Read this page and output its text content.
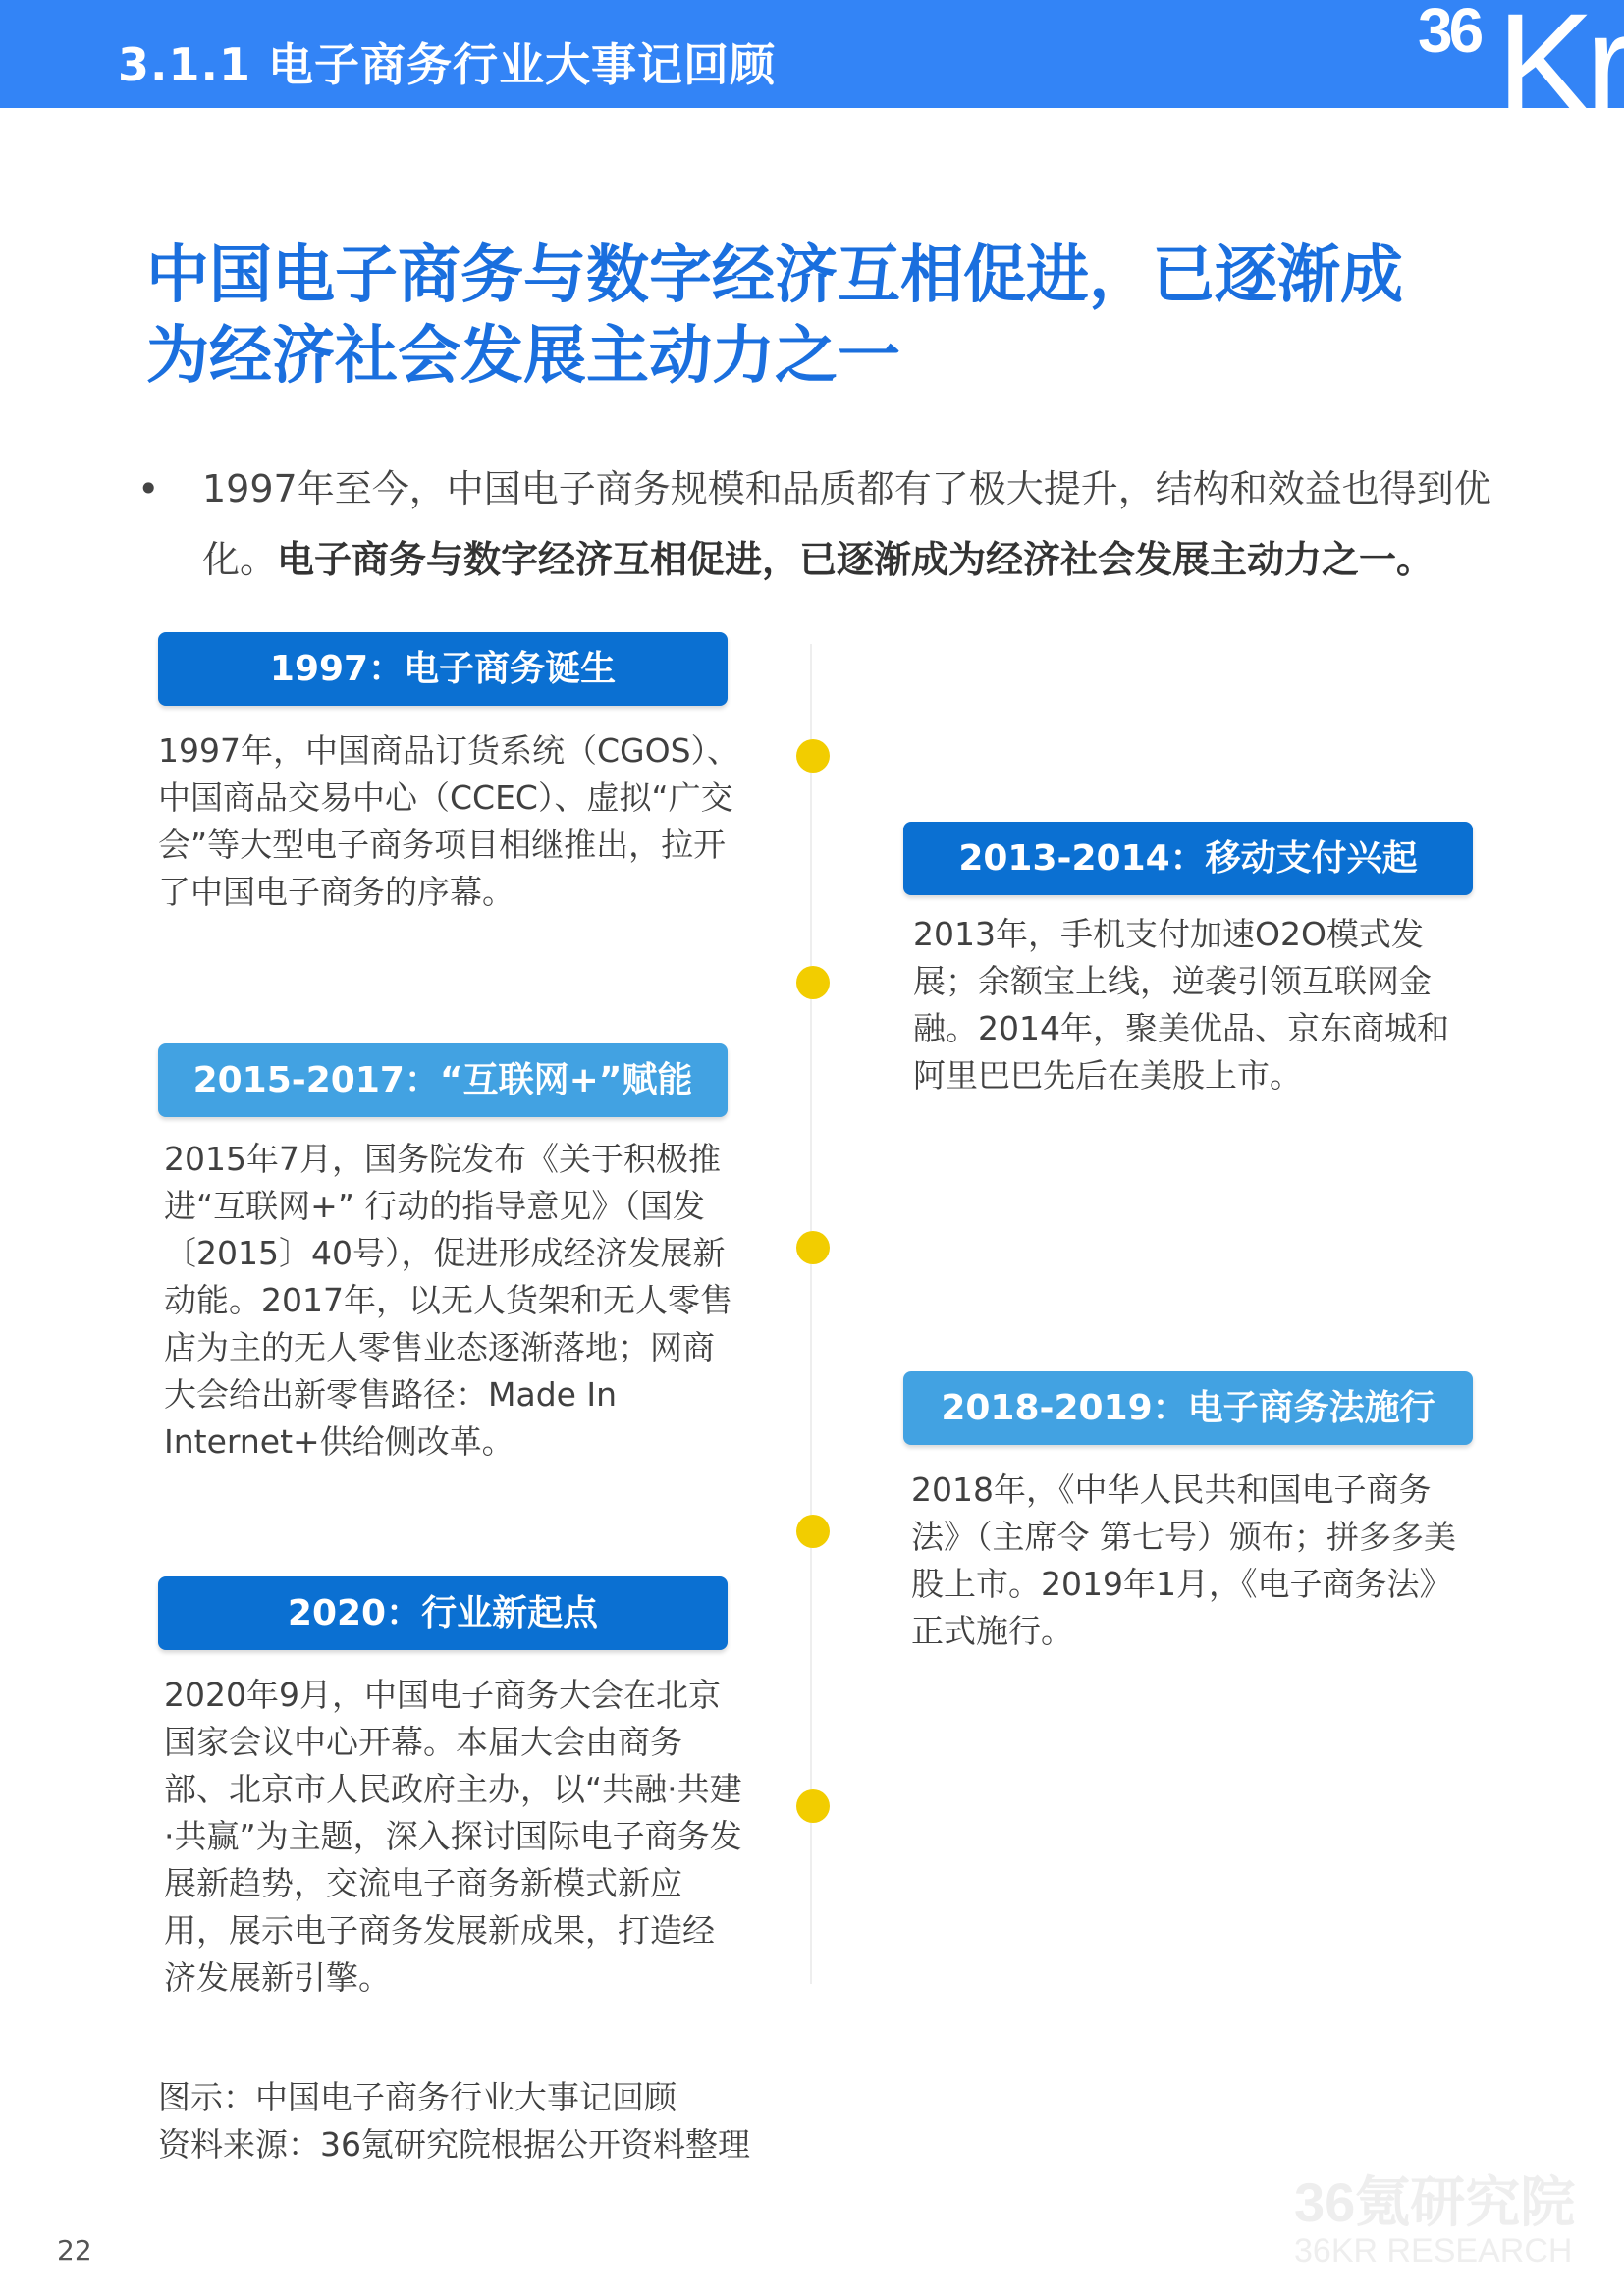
3.1.1 电子商务行业大事记回顾	36 Kr
中国电子商务与数字经济互相促进，已逐渐成
为经济社会发展主动力之一
• 1997年至今，中国电子商务规模和品质都有了极大提升，结构和效益也得到优化。电子商务与数字经济互相促进，已逐渐成为经济社会发展主动力之一。
1997：电子商务诞生
1997年，中国商品订货系统（CGOS）、中国商品交易中心（CCEC）、虚拟“广交会”等大型电子商务项目相继推出，拉开了中国电子商务的序幕。
2013-2014：移动支付兴起
2013年，手机支付加速O2O模式发展；余额宝上线，逆袭引领互联网金融。2014年，聚美优品、京东商城和阿里巴巴先后在美股上市。
2015-2017：“互联网+”赋能
2015年7月，国务院发布《关于积极推进“互联网+” 行动的指导意见》（国发〔2015〕40号），促进形成经济发展新动能。2017年，以无人货架和无人零售店为主的无人零售业态逐渐落地；网商大会给出新零售路径：Made In Internet+供给侧改革。
2018-2019：电子商务法施行
2018年，《中华人民共和国电子商务法》（主席令 第七号）颁布；拼多多美股上市。2019年1月，《电子商务法》正式施行。
2020：行业新起点
2020年9月，中国电子商务大会在北京国家会议中心开幕。本届大会由商务部、北京市人民政府主办，以“共融·共建·共赢”为主题，深入探讨国际电子商务发展新趋势，交流电子商务新模式新应用，展示电子商务发展新成果，打造经济发展新引擎。
图示：中国电子商务行业大事记回顾
资料来源：36氪研究院根据公开资料整理
22
36氪研究院
36KR RESEARCH
